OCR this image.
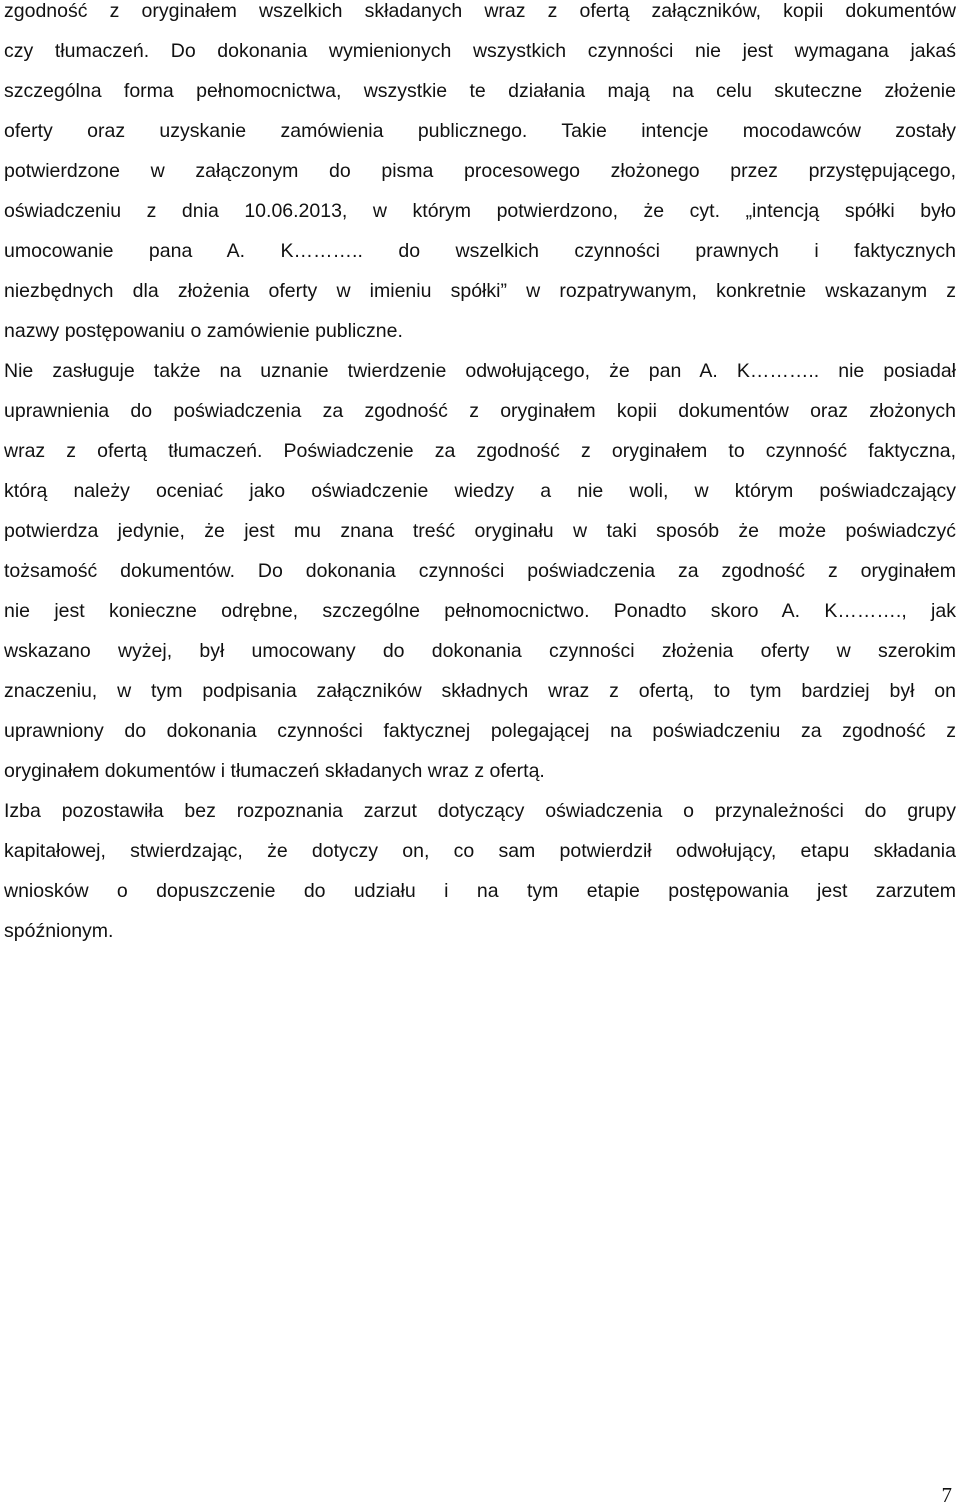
zgodność z oryginałem wszelkich składanych wraz z ofertą załączników, kopii dokumentów
czy tłumaczeń. Do dokonania wymienionych wszystkich czynności nie jest wymagana jakaś
szczególna forma pełnomocnictwa, wszystkie te działania mają na celu skuteczne złożenie
oferty oraz uzyskanie zamówienia publicznego. Takie intencje mocodawców zostały
potwierdzone w załączonym do pisma procesowego złożonego przez przystępującego,
oświadczeniu z dnia 10.06.2013, w którym potwierdzono, że cyt. „intencją spółki było
umocowanie pana A. K……….. do wszelkich czynności prawnych i faktycznych
niezbędnych dla złożenia oferty w imieniu spółki” w rozpatrywanym, konkretnie wskazanym z
nazwy postępowaniu o zamówienie publiczne.
Nie zasługuje także na uznanie twierdzenie odwołującego, że pan A. K……….. nie posiadał
uprawnienia do poświadczenia za zgodność z oryginałem kopii dokumentów oraz złożonych
wraz z ofertą tłumaczeń. Poświadczenie za zgodność z oryginałem to czynność faktyczna,
którą należy oceniać jako oświadczenie wiedzy a nie woli, w którym poświadczający
potwierdza jedynie, że jest mu znana treść oryginału w taki sposób że może poświadczyć
tożsamość dokumentów. Do dokonania czynności poświadczenia za zgodność z oryginałem
nie jest konieczne odrębne, szczególne pełnomocnictwo. Ponadto skoro A. K………., jak
wskazano wyżej, był umocowany do dokonania czynności złożenia oferty w szerokim
znaczeniu, w tym podpisania załączników składnych wraz z ofertą, to tym bardziej był on
uprawniony do dokonania czynności faktycznej polegającej na poświadczeniu za zgodność z
oryginałem dokumentów i tłumaczeń składanych wraz z ofertą.
Izba pozostawiła bez rozpoznania zarzut dotyczący oświadczenia o przynależności do grupy
kapitałowej, stwierdzając, że dotyczy on, co sam potwierdził odwołujący, etapu składania
wniosków o dopuszczenie do udziału i na tym etapie postępowania jest zarzutem
spóźnionym.
7
